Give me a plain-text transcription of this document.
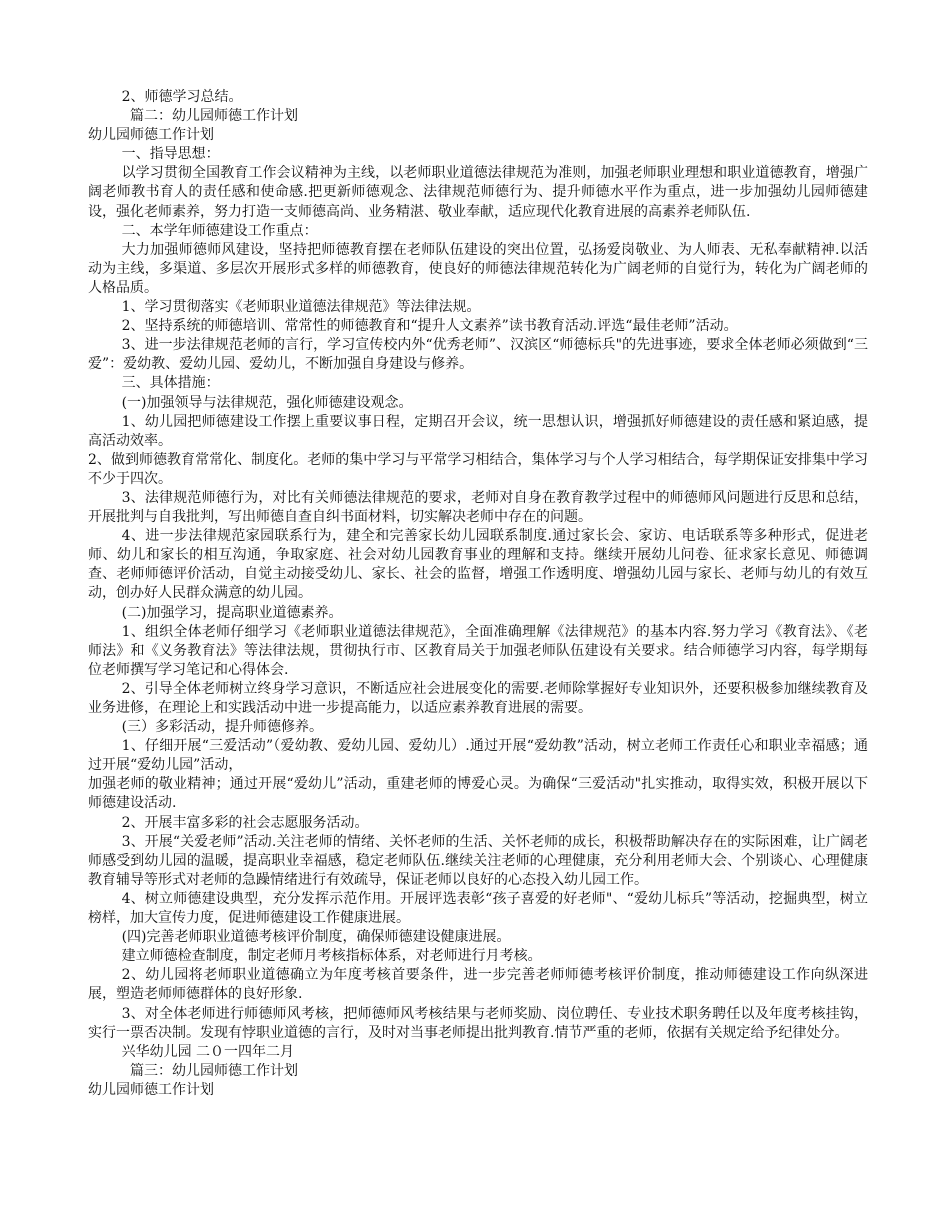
2、师德学习总结。

篇二：幼儿园师德工作计划

幼儿园师德工作计划

一、指导思想：

以学习贯彻全国教育工作会议精神为主线，以老师职业道德法律规范为准则，加强老师职业理想和职业道德教育，增强广阔老师教书育人的责任感和使命感.把更新师德观念、法律规范师德行为、提升师德水平作为重点，进一步加强幼儿园师德建设，强化老师素养，努力打造一支师德高尚、业务精湛、敬业奉献，适应现代化教育进展的高素养老师队伍.

二、本学年师德建设工作重点：

大力加强师德师风建设，坚持把师德教育摆在老师队伍建设的突出位置，弘扬爱岗敬业、为人师表、无私奉献精神.以活动为主线，多渠道、多层次开展形式多样的师德教育，使良好的师德法律规范转化为广阔老师的自觉行为，转化为广阔老师的人格品质。

1、学习贯彻落实《老师职业道德法律规范》等法律法规。

2、坚持系统的师德培训、常常性的师德教育和“提升人文素养”读书教育活动.评选“最佳老师”活动。

3、进一步法律规范老师的言行，学习宣传校内外“优秀老师”、汉滨区“师德标兵"的先进事迹，要求全体老师必须做到“三爱”：爱幼教、爱幼儿园、爱幼儿，不断加强自身建设与修养。

三、具体措施：

(一)加强领导与法律规范，强化师德建设观念。

1、幼儿园把师德建设工作摆上重要议事日程，定期召开会议，统一思想认识，增强抓好师德建设的责任感和紧迫感，提高活动效率。

2、做到师德教育常常化、制度化。老师的集中学习与平常学习相结合，集体学习与个人学习相结合，每学期保证安排集中学习不少于四次。

3、法律规范师德行为，对比有关师德法律规范的要求，老师对自身在教育教学过程中的师德师风问题进行反思和总结，开展批判与自我批判，写出师德自查自纠书面材料，切实解决老师中存在的问题。

4、进一步法律规范家园联系行为，建全和完善家长幼儿园联系制度.通过家长会、家访、电话联系等多种形式，促进老师、幼儿和家长的相互沟通，争取家庭、社会对幼儿园教育事业的理解和支持。继续开展幼儿问卷、征求家长意见、师德调查、老师师德评价活动，自觉主动接受幼儿、家长、社会的监督，增强工作透明度、增强幼儿园与家长、老师与幼儿的有效互动，创办好人民群众满意的幼儿园。

(二)加强学习，提高职业道德素养。

1、组织全体老师仔细学习《老师职业道德法律规范》，全面准确理解《法律规范》的基本内容.努力学习《教育法》、《老师法》和《义务教育法》等法律法规，贯彻执行市、区教育局关于加强老师队伍建设有关要求。结合师德学习内容，每学期每位老师撰写学习笔记和心得体会.

2、引导全体老师树立终身学习意识，不断适应社会进展变化的需要.老师除掌握好专业知识外，还要积极参加继续教育及业务进修，在理论上和实践活动中进一步提高能力，以适应素养教育进展的需要。

(三）多彩活动，提升师德修养。

1、仔细开展“三爱活动”（爱幼教、爱幼儿园、爱幼儿）.通过开展“爱幼教”活动，树立老师工作责任心和职业幸福感；通过开展“爱幼儿园”活动，

加强老师的敬业精神；通过开展“爱幼儿”活动，重建老师的博爱心灵。为确保“三爱活动"扎实推动，取得实效，积极开展以下师德建设活动.

2、开展丰富多彩的社会志愿服务活动。

3、开展“关爱老师”活动.关注老师的情绪、关怀老师的生活、关怀老师的成长，积极帮助解决存在的实际困难，让广阔老师感受到幼儿园的温暖，提高职业幸福感，稳定老师队伍.继续关注老师的心理健康，充分利用老师大会、个别谈心、心理健康教育辅导等形式对老师的急躁情绪进行有效疏导，保证老师以良好的心态投入幼儿园工作。

4、树立师德建设典型，充分发挥示范作用。开展评选表彰“孩子喜爱的好老师"、“爱幼儿标兵”等活动，挖掘典型，树立榜样，加大宣传力度，促进师德建设工作健康进展。

(四)完善老师职业道德考核评价制度，确保师德建设健康进展。

建立师德检查制度，制定老师月考核指标体系，对老师进行月考核。

2、幼儿园将老师职业道德确立为年度考核首要条件，进一步完善老师师德考核评价制度，推动师德建设工作向纵深进展，塑造老师师德群体的良好形象.

3、对全体老师进行师德师风考核，把师德师风考核结果与老师奖励、岗位聘任、专业技术职务聘任以及年度考核挂钩，实行一票否决制。发现有悖职业道德的言行，及时对当事老师提出批判教育.情节严重的老师，依据有关规定给予纪律处分。

兴华幼儿园 二０一四年二月

篇三：幼儿园师德工作计划

幼儿园师德工作计划
